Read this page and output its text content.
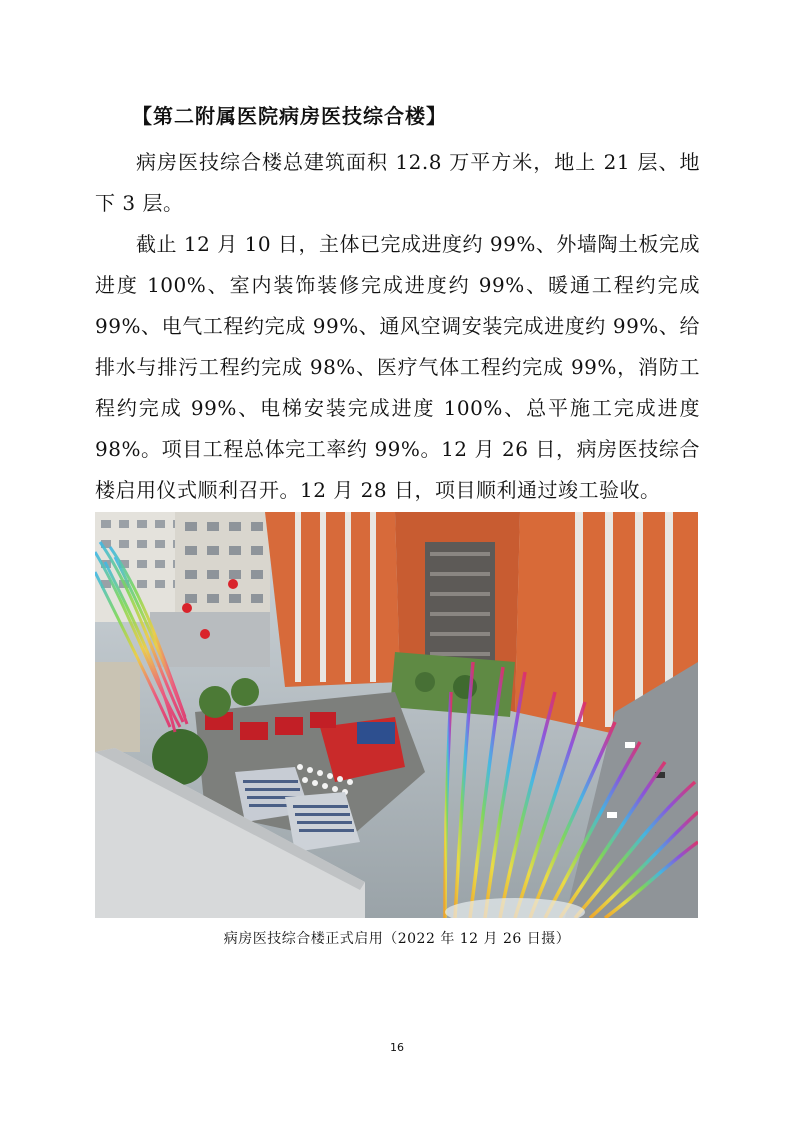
【第二附属医院病房医技综合楼】

病房医技综合楼总建筑面积 12.8 万平方米，地上 21 层、地下 3 层。

截止 12 月 10 日，主体已完成进度约 99%、外墙陶土板完成进度 100%、室内装饰装修完成进度约 99%、暖通工程约完成 99%、电气工程约完成 99%、通风空调安装完成进度约 99%、给排水与排污工程约完成 98%、医疗气体工程约完成 99%，消防工程约完成 99%、电梯安装完成进度 100%、总平施工完成进度 98%。项目工程总体完工率约 99%。12 月 26 日，病房医技综合楼启用仪式顺利召开。12 月 28 日，项目顺利通过竣工验收。

病房医技综合楼正式启用（2022 年 12 月 26 日摄）
16
